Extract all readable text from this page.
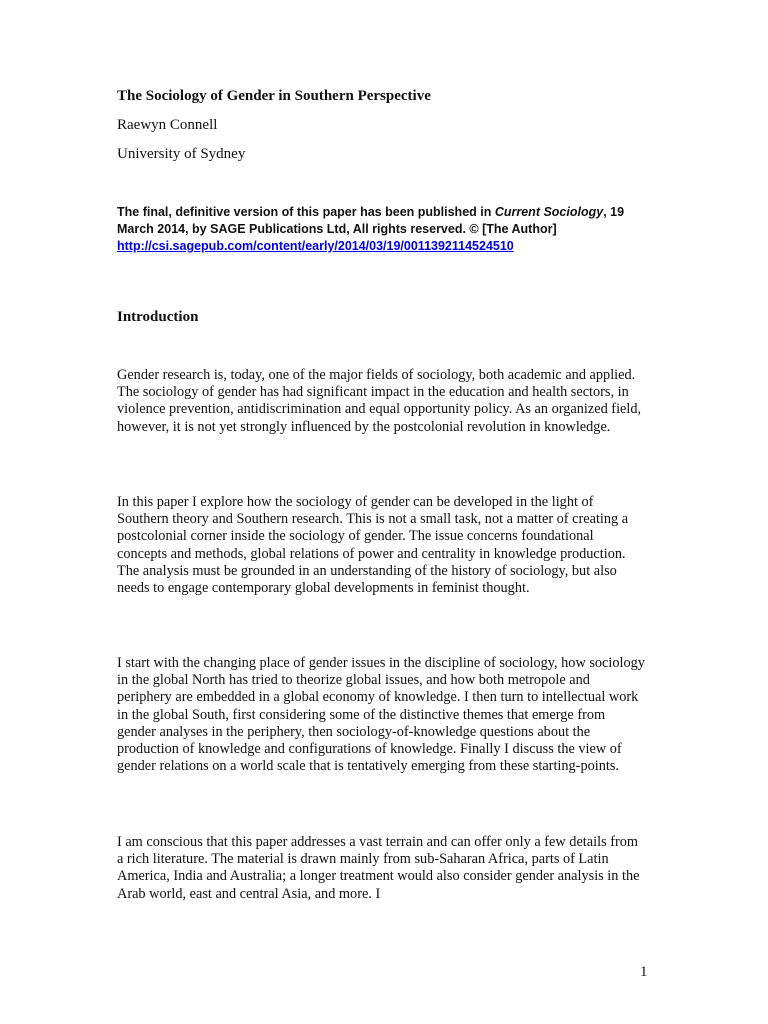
The Sociology of Gender in Southern Perspective

Raewyn Connell

University of Sydney

The final, definitive version of this paper has been published in Current Sociology, 19 March 2014, by SAGE Publications Ltd, All rights reserved. © [The Author]
http://csi.sagepub.com/content/early/2014/03/19/0011392114524510

Introduction

Gender research is, today, one of the major fields of sociology, both academic and applied. The sociology of gender has had significant impact in the education and health sectors, in violence prevention, antidiscrimination and equal opportunity policy. As an organized field, however, it is not yet strongly influenced by the postcolonial revolution in knowledge.

In this paper I explore how the sociology of gender can be developed in the light of Southern theory and Southern research. This is not a small task, not a matter of creating a postcolonial corner inside the sociology of gender. The issue concerns foundational concepts and methods, global relations of power and centrality in knowledge production. The analysis must be grounded in an understanding of the history of sociology, but also needs to engage contemporary global developments in feminist thought.

I start with the changing place of gender issues in the discipline of sociology, how sociology in the global North has tried to theorize global issues, and how both metropole and periphery are embedded in a global economy of knowledge. I then turn to intellectual work in the global South, first considering some of the distinctive themes that emerge from gender analyses in the periphery, then sociology-of-knowledge questions about the production of knowledge and configurations of knowledge. Finally I discuss the view of gender relations on a world scale that is tentatively emerging from these starting-points.

I am conscious that this paper addresses a vast terrain and can offer only a few details from a rich literature. The material is drawn mainly from sub-Saharan Africa, parts of Latin America, India and Australia; a longer treatment would also consider gender analysis in the Arab world, east and central Asia, and more. I

1
